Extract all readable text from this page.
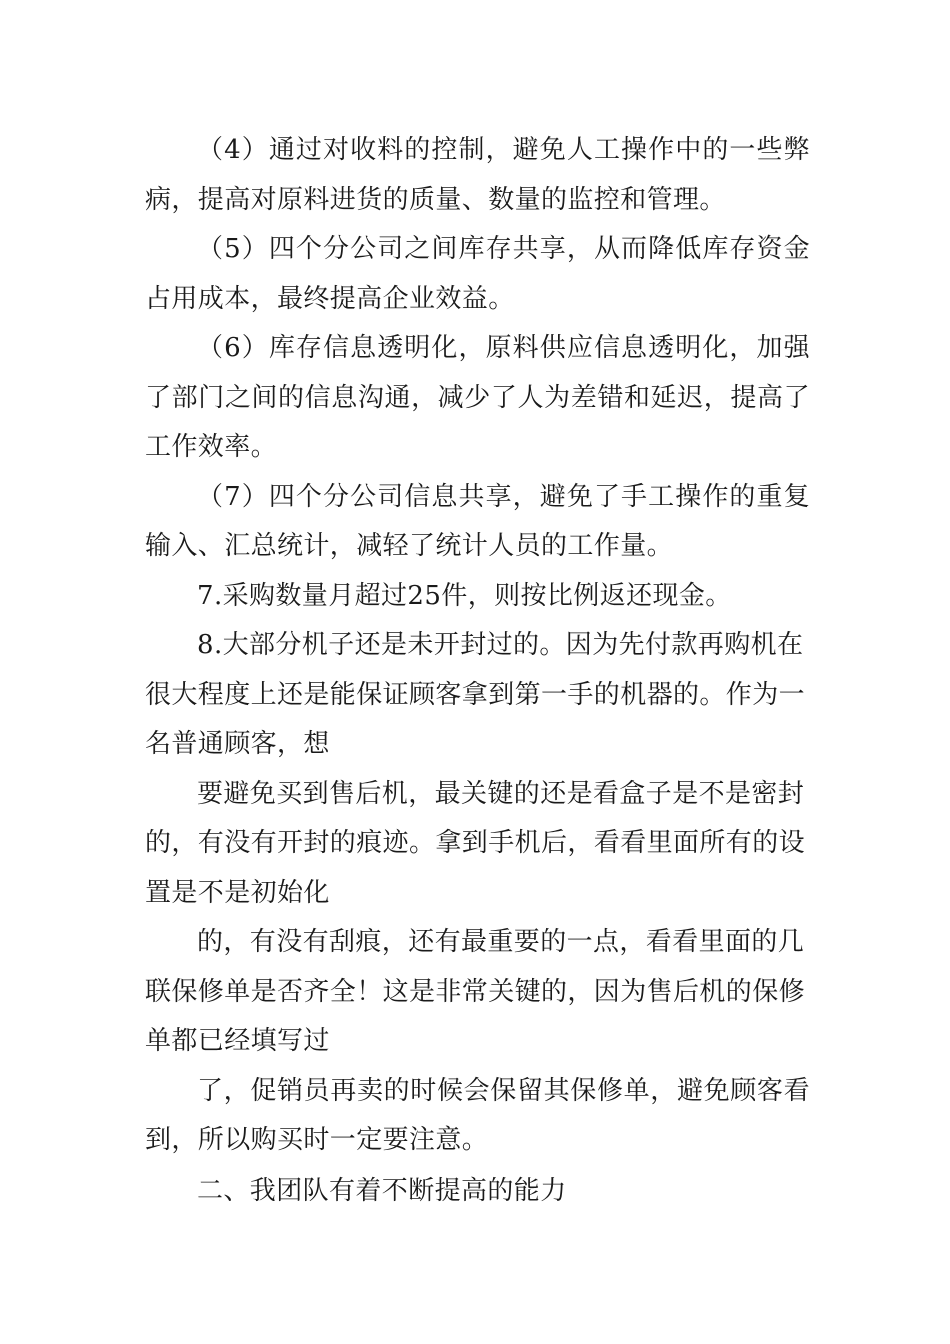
（4）通过对收料的控制，避免人工操作中的一些弊病，提高对原料进货的质量、数量的监控和管理。

（5）四个分公司之间库存共享，从而降低库存资金占用成本，最终提高企业效益。

（6）库存信息透明化，原料供应信息透明化，加强了部门之间的信息沟通，减少了人为差错和延迟，提高了工作效率。

（7）四个分公司信息共享，避免了手工操作的重复输入、汇总统计，减轻了统计人员的工作量。

7.采购数量月超过25件，则按比例返还现金。

8.大部分机子还是未开封过的。因为先付款再购机在很大程度上还是能保证顾客拿到第一手的机器的。作为一名普通顾客，想

要避免买到售后机，最关键的还是看盒子是不是密封的，有没有开封的痕迹。拿到手机后，看看里面所有的设置是不是初始化

的，有没有刮痕，还有最重要的一点，看看里面的几联保修单是否齐全！这是非常关键的，因为售后机的保修单都已经填写过

了，促销员再卖的时候会保留其保修单，避免顾客看到，所以购买时一定要注意。

二、我团队有着不断提高的能力
